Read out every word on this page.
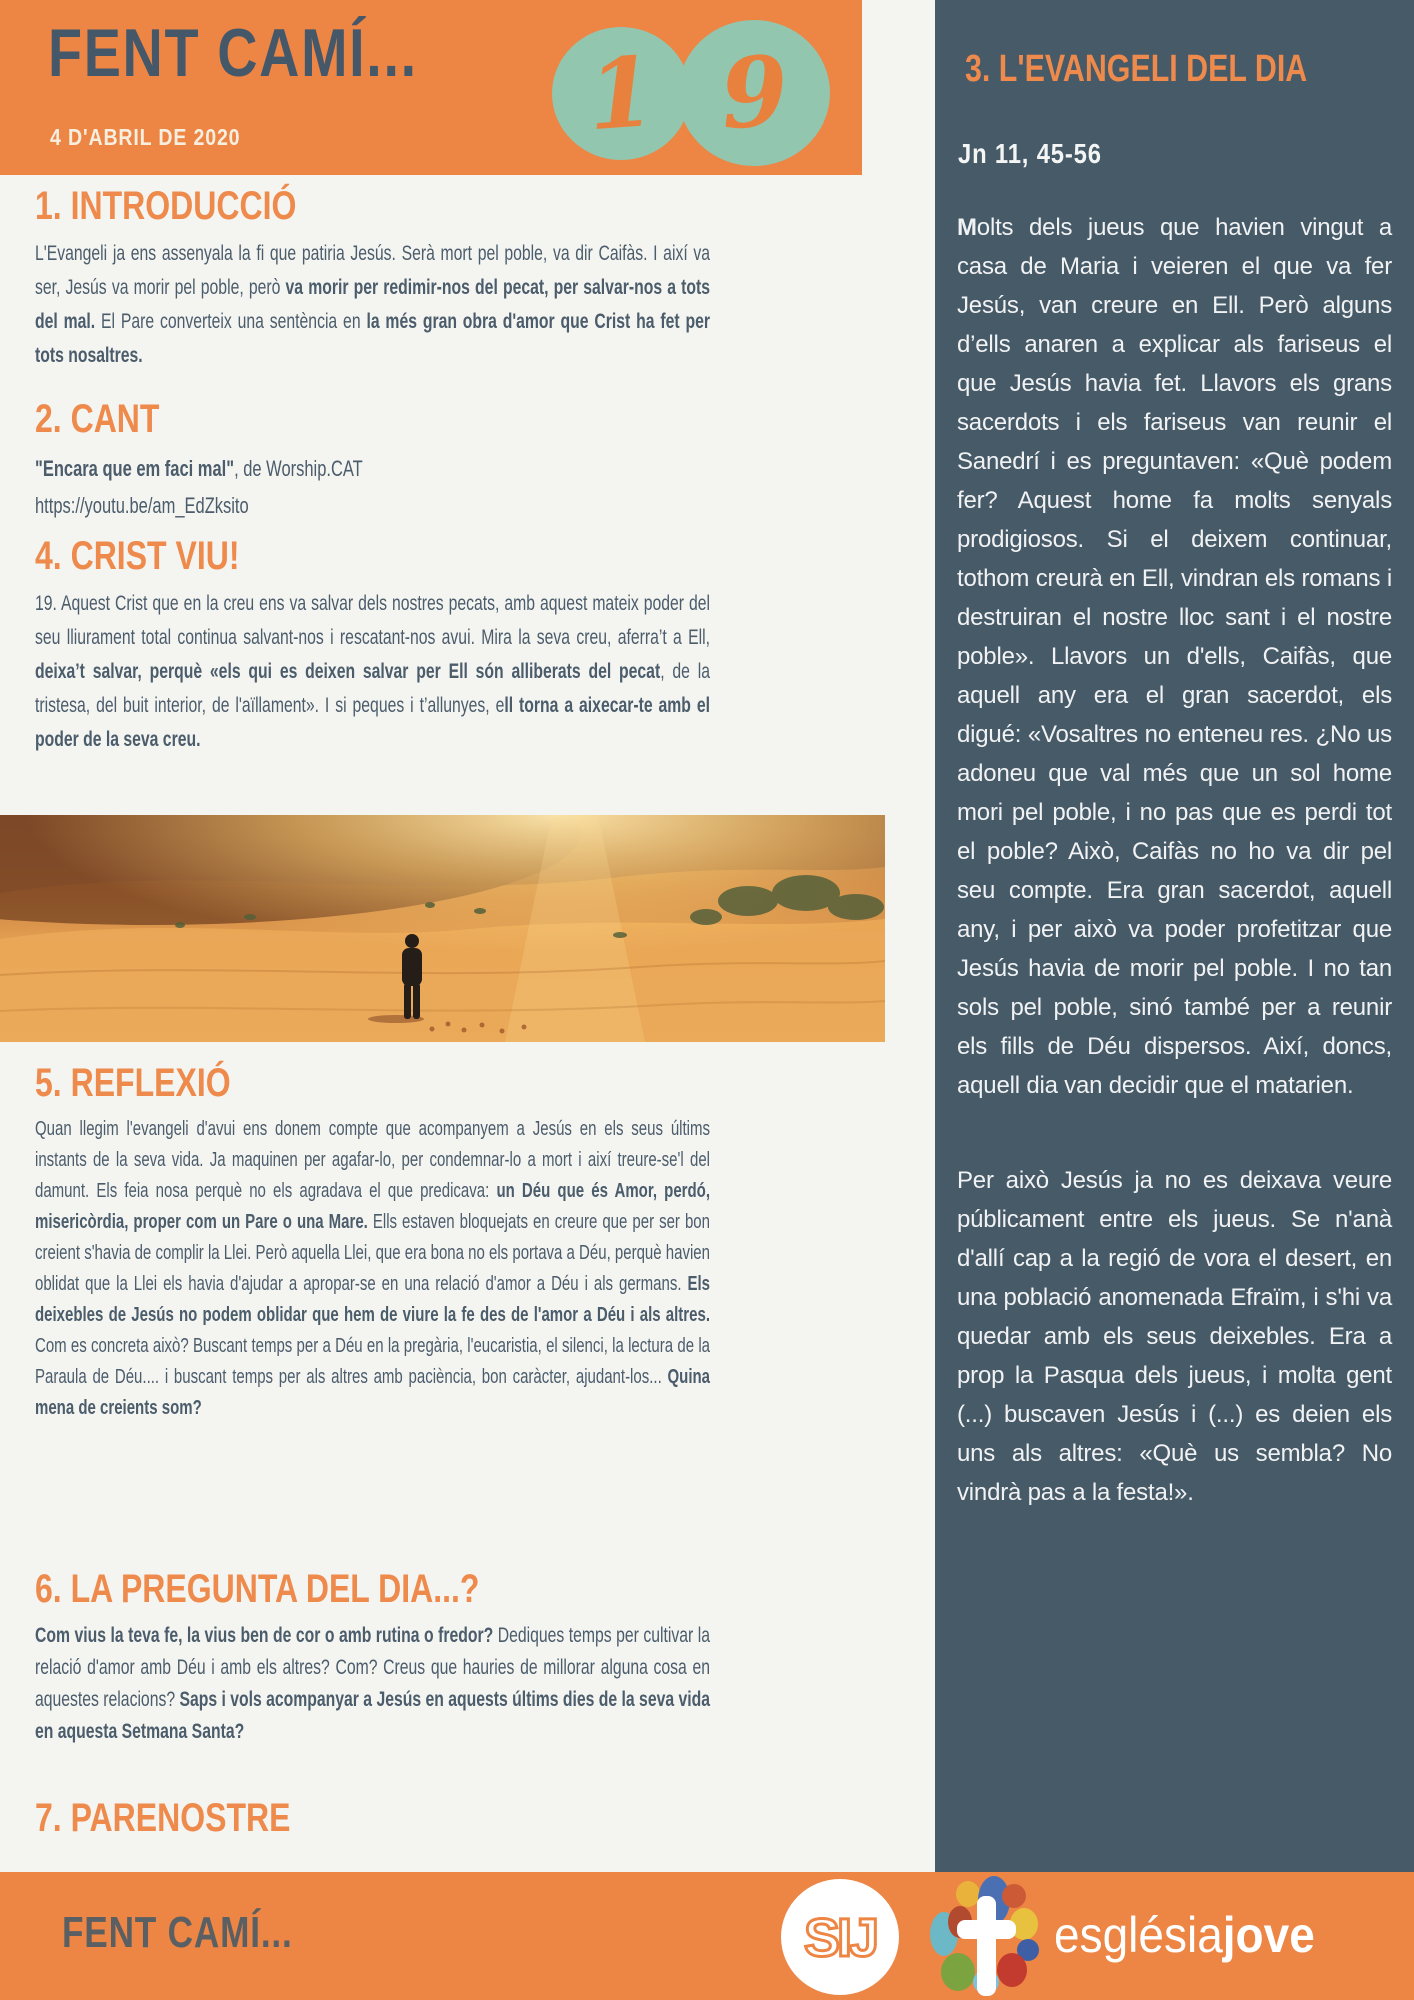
FENT CAMÍ...
4 D'ABRIL DE 2020	1 9
1. INTRODUCCIÓ

L'Evangeli ja ens assenyala la fi que patiria Jesús. Serà mort pel poble, va dir Caifàs. I així va ser, Jesús va morir pel poble, però va morir per redimir-nos del pecat, per salvar-nos a tots del mal. El Pare converteix una sentència en la més gran obra d'amor que Crist ha fet per tots nosaltres.

2. CANT

"Encara que em faci mal", de Worship.CAT

https://youtu.be/am_EdZksito

4. CRIST VIU!

19. Aquest Crist que en la creu ens va salvar dels nostres pecats, amb aquest mateix poder del seu lliurament total continua salvant-nos i rescatant-nos avui. Mira la seva creu, aferra’t a Ell, deixa’t salvar, perquè «els qui es deixen salvar per Ell són alliberats del pecat, de la tristesa, del buit interior, de l'aïllament». I si peques i t’allunyes, ell torna a aixecar-te amb el poder de la seva creu.

5. REFLEXIÓ

Quan llegim l'evangeli d'avui ens donem compte que acompanyem a Jesús en els seus últims instants de la seva vida. Ja maquinen per agafar-lo, per condemnar-lo a mort i així treure-se'l del damunt. Els feia nosa perquè no els agradava el que predicava: un Déu que és Amor, perdó, misericòrdia, proper com un Pare o una Mare. Ells estaven bloquejats en creure que per ser bon creient s'havia de complir la Llei. Però aquella Llei, que era bona no els portava a Déu, perquè havien oblidat que la Llei els havia d'ajudar a apropar-se en una relació d'amor a Déu i als germans. Els deixebles de Jesús no podem oblidar que hem de viure la fe des de l'amor a Déu i als altres. Com es concreta això? Buscant temps per a Déu en la pregària, l'eucaristia, el silenci, la lectura de la Paraula de Déu.... i buscant temps per als altres amb paciència, bon caràcter, ajudant-los... Quina mena de creients som?

6. LA PREGUNTA DEL DIA...?

Com vius la teva fe, la vius ben de cor o amb rutina o fredor? Dediques temps per cultivar la relació d'amor amb Déu i amb els altres? Com? Creus que hauries de millorar alguna cosa en aquestes relacions? Saps i vols acompanyar a Jesús en aquests últims dies de la seva vida en aquesta Setmana Santa?

7. PARENOSTRE
3. L'EVANGELI DEL DIA
Jn 11, 45-56

Molts dels jueus que havien vingut a casa de Maria i veieren el que va fer Jesús, van creure en Ell. Però alguns d’ells anaren a explicar als fariseus el que Jesús havia fet. Llavors els grans sacerdots i els fariseus van reunir el Sanedrí i es preguntaven: «Què podem fer? Aquest home fa molts senyals prodigiosos. Si el deixem continuar, tothom creurà en Ell, vindran els romans i destruiran el nostre lloc sant i el nostre poble». Llavors un d'ells, Caifàs, que aquell any era el gran sacerdot, els digué: «Vosaltres no enteneu res. ¿No us adoneu que val més que un sol home mori pel poble, i no pas que es perdi tot el poble? Això, Caifàs no ho va dir pel seu compte. Era gran sacerdot, aquell any, i per això va poder profetitzar que Jesús havia de morir pel poble. I no tan sols pel poble, sinó també per a reunir els fills de Déu dispersos. Així, doncs, aquell dia van decidir que el matarien.

Per això Jesús ja no es deixava veure públicament entre els jueus. Se n'anà d'allí cap a la regió de vora el desert, en una població anomenada Efraïm, i s'hi va quedar amb els seus deixebles. Era a prop la Pasqua dels jueus, i molta gent (...) buscaven Jesús i (...) es deien els uns als altres: «Què us sembla? No vindrà pas a la festa!».

FENT CAMÍ...	SIJ	esglésiajove
